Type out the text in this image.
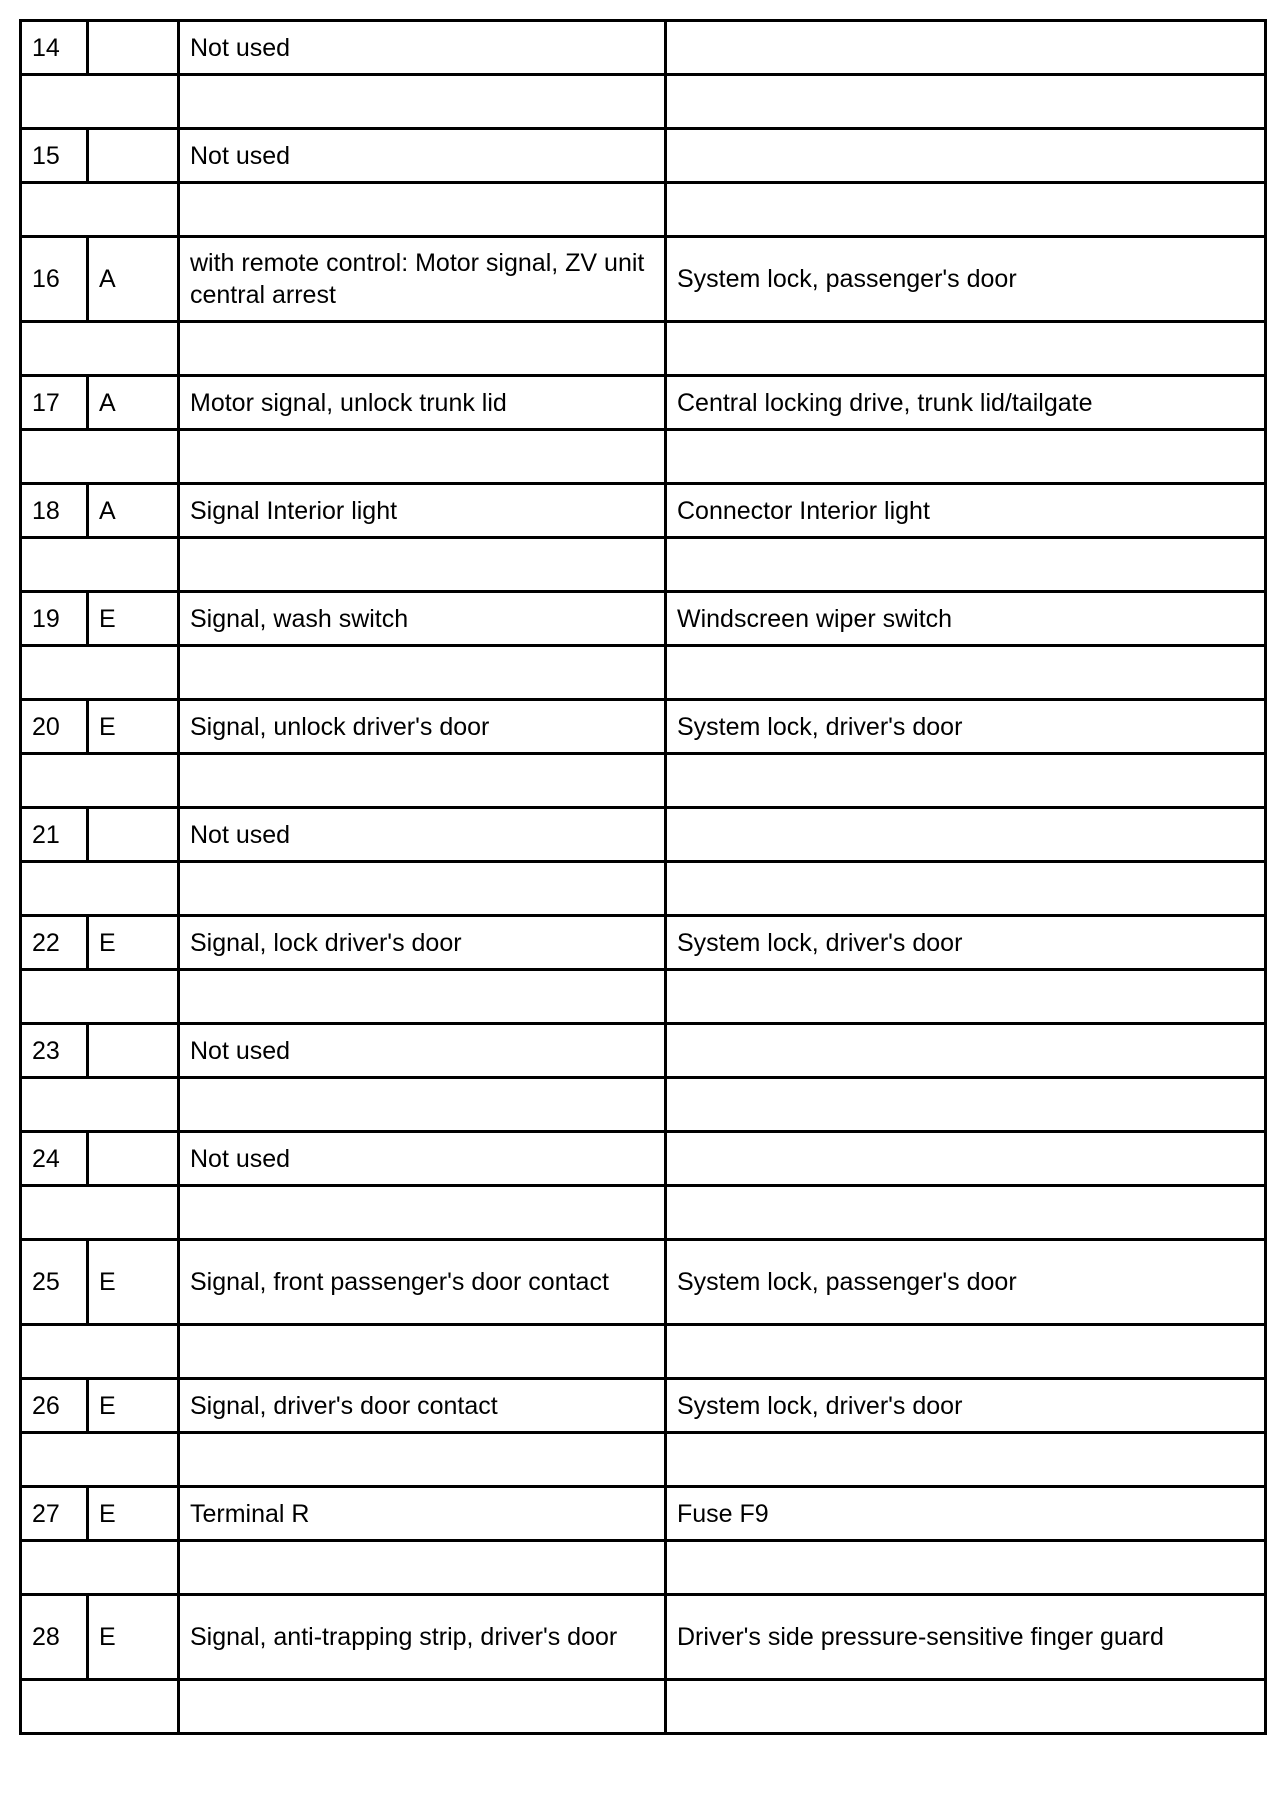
14		Not used	

15		Not used	

16	A	with remote control: Motor signal, ZV unit central arrest	System lock, passenger's door

17	A	Motor signal, unlock trunk lid	Central locking drive, trunk lid/tailgate

18	A	Signal Interior light	Connector Interior light

19	E	Signal, wash switch	Windscreen wiper switch

20	E	Signal, unlock driver's door	System lock, driver's door

21		Not used	

22	E	Signal, lock driver's door	System lock, driver's door

23		Not used	

24		Not used	

25	E	Signal, front passenger's door contact	System lock, passenger's door

26	E	Signal, driver's door contact	System lock, driver's door

27	E	Terminal R	Fuse F9

28	E	Signal, anti-trapping strip, driver's door	Driver's side pressure-sensitive finger guard
